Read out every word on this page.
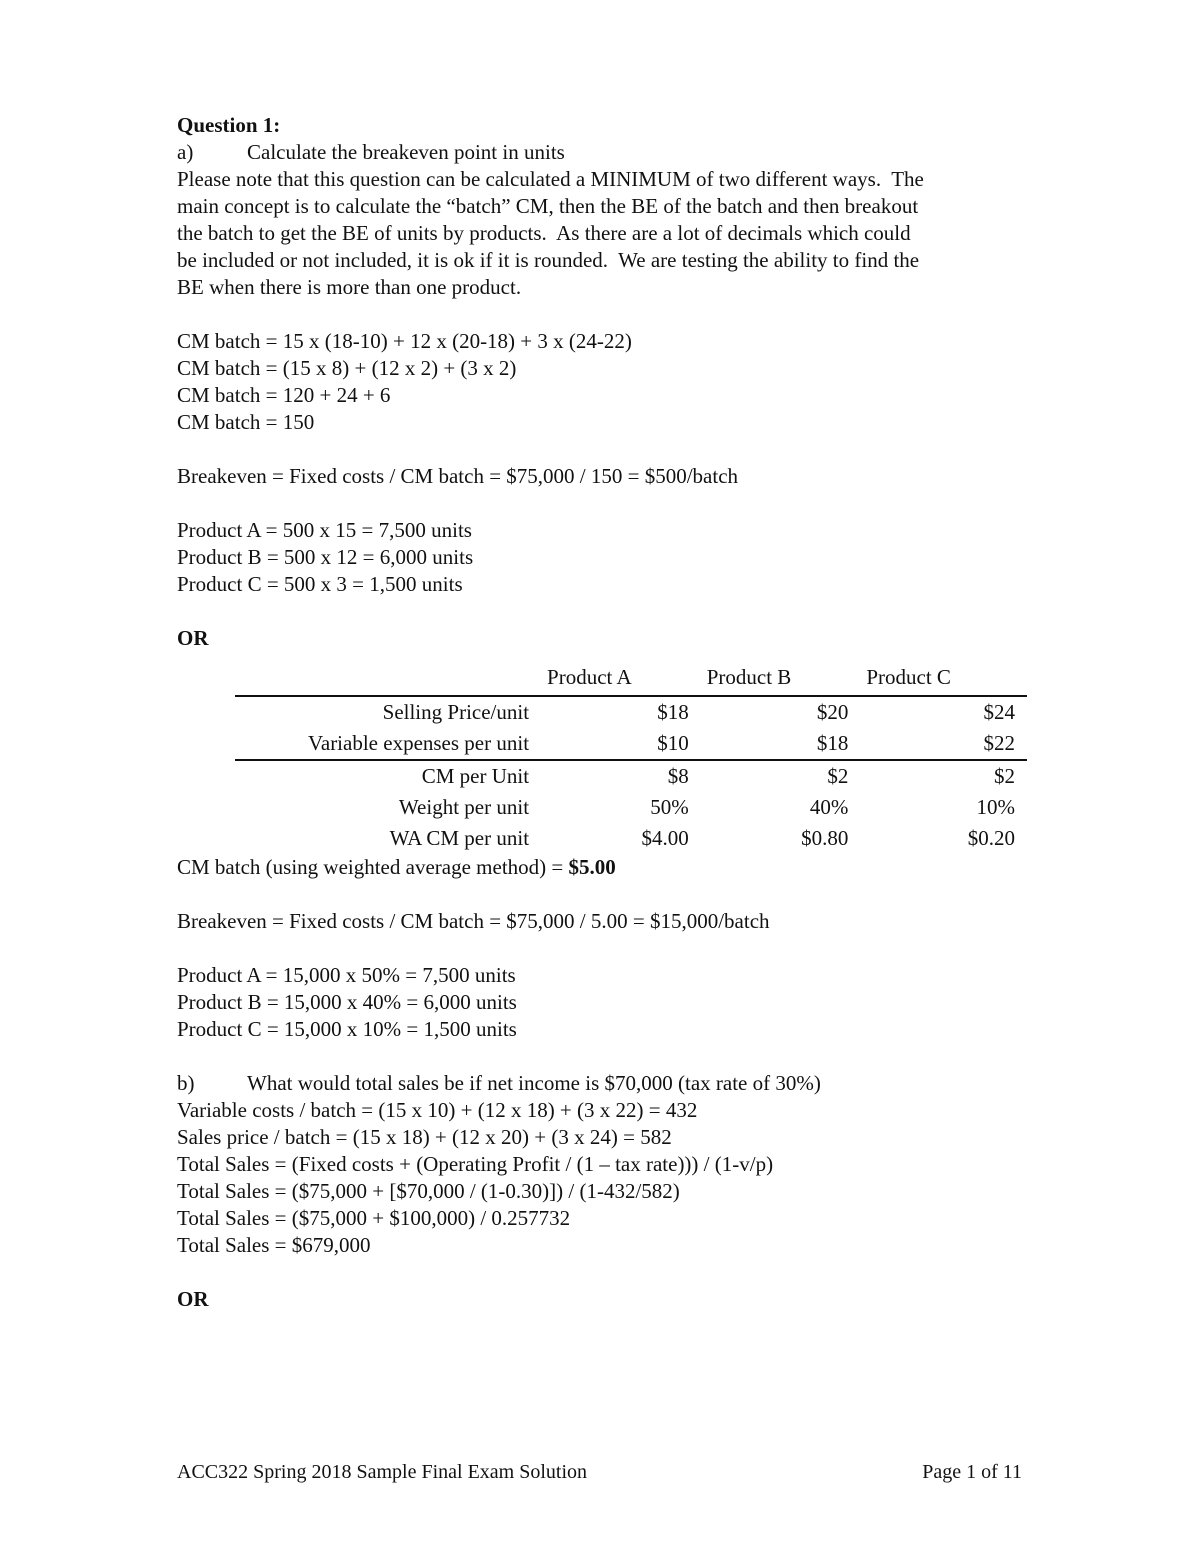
Question 1:
a)	Calculate the breakeven point in units
Please note that this question can be calculated a MINIMUM of two different ways.  The
main concept is to calculate the “batch” CM, then the BE of the batch and then breakout
the batch to get the BE of units by products.  As there are a lot of decimals which could
be included or not included, it is ok if it is rounded.  We are testing the ability to find the
BE when there is more than one product.
CM batch = 15 x (18-10) + 12 x (20-18) + 3 x (24-22)
CM batch = (15 x 8) + (12 x 2) + (3 x 2)
CM batch = 120 + 24 + 6
CM batch = 150
Breakeven = Fixed costs / CM batch = $75,000 / 150 = $500/batch
Product A = 500 x 15 = 7,500 units
Product B = 500 x 12 = 6,000 units
Product C = 500 x 3 = 1,500 units
OR
	Product A	Product B	Product C
Selling Price/unit	$18	$20	$24
Variable expenses per unit	$10	$18	$22
CM per Unit	$8	$2	$2
Weight per unit	50%	40%	10%
WA CM per unit	$4.00	$0.80	$0.20
CM batch (using weighted average method) = $5.00
Breakeven = Fixed costs / CM batch = $75,000 / 5.00 = $15,000/batch
Product A = 15,000 x 50% = 7,500 units
Product B = 15,000 x 40% = 6,000 units
Product C = 15,000 x 10% = 1,500 units
b)	What would total sales be if net income is $70,000 (tax rate of 30%)
Variable costs / batch = (15 x 10) + (12 x 18) + (3 x 22) = 432
Sales price / batch = (15 x 18) + (12 x 20) + (3 x 24) = 582
Total Sales = (Fixed costs + (Operating Profit / (1 – tax rate))) / (1-v/p)
Total Sales = ($75,000 + [$70,000 / (1-0.30)]) / (1-432/582)
Total Sales = ($75,000 + $100,000) / 0.257732
Total Sales = $679,000
OR
ACC322 Spring 2018 Sample Final Exam Solution	Page 1 of 11
